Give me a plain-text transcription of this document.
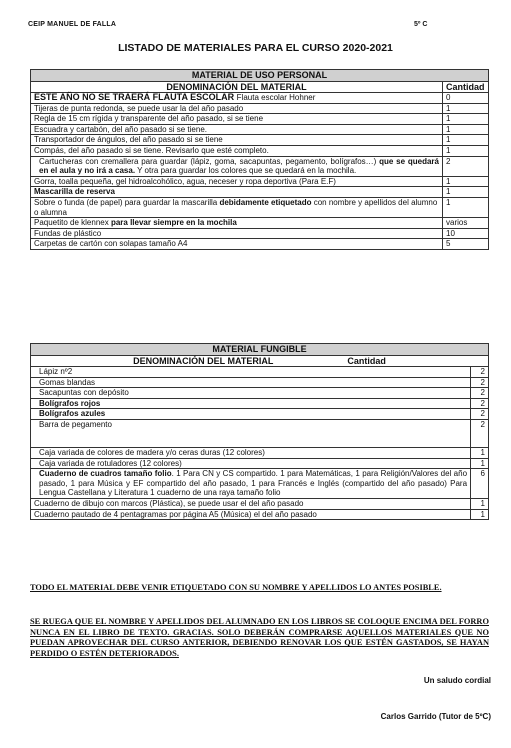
CEIP MANUEL DE FALLA	5º C
LISTADO DE MATERIALES PARA EL CURSO 2020-2021
MATERIAL DE USO PERSONAL	
DENOMINACIÓN DEL MATERIAL	Cantidad
ESTE AÑO NO SE TRAERÁ FLAUTA ESCOLAR Flauta escolar Hohner	0
Tijeras de punta redonda, se puede usar la del año pasado	1
Regla de 15 cm rígida y transparente del año pasado, si se tiene	1
Escuadra y cartabón, del año pasado si se tiene.	1
Transportador de ángulos, del año pasado si se tiene	1
Compás, del año pasado si se tiene. Revisarlo que esté completo.	1
Cartucheras con cremallera para guardar (lápiz, goma, sacapuntas, pegamento, bolígrafos…) que se quedará en el aula y no irá a casa. Y otra para guardar los colores que se quedará en la mochila.	2
Gorra, toalla pequeña, gel hidroalcohólico, agua, neceser y ropa deportiva (Para E.F)	1
Mascarilla de reserva	1
Sobre o funda (de papel) para guardar la mascarilla debidamente etiquetado con nombre y apellidos del alumno o alumna	1
Paquetito de klennex para llevar siempre en la mochila	varios
Fundas de plástico	10
Carpetas de cartón con solapas tamaño A4	5
MATERIAL FUNGIBLE	
DENOMINACIÓN DEL MATERIAL Cantidad	
Lápiz nº2	2
Gomas blandas	2
Sacapuntas con depósito	2
Bolígrafos rojos	2
Bolígrafos azules	2
Barra de pegamento	2
Caja variada de colores de madera y/o ceras duras (12 colores)	1
Caja variada de rotuladores (12 colores)	1
Cuaderno de cuadros tamaño folio. 1 Para CN y CS compartido. 1 para Matemáticas, 1 para Religión/Valores del año pasado, 1 para Música y EF compartido del año pasado, 1 para Francés e Inglés (compartido del año pasado) Para Lengua Castellana y Literatura 1 cuaderno de una raya tamaño folio	6
Cuaderno de dibujo con marcos (Plástica), se puede usar el del año pasado	1
Cuaderno pautado de 4 pentagramas por página A5 (Música) el del año pasado	1
TODO EL MATERIAL DEBE VENIR ETIQUETADO CON SU NOMBRE Y APELLIDOS LO ANTES POSIBLE.
SE RUEGA QUE EL NOMBRE Y APELLIDOS DEL ALUMNADO EN LOS LIBROS SE COLOQUE ENCIMA DEL FORRO NUNCA EN EL LIBRO DE TEXTO. GRACIAS. SOLO DEBERÁN COMPRARSE AQUELLOS MATERIALES QUE NO PUEDAN APROVECHAR DEL CURSO ANTERIOR, DEBIENDO RENOVAR LOS QUE ESTÉN GASTADOS, SE HAYAN PERDIDO O ESTÉN DETERIORADOS.
Un saludo cordial
Carlos Garrido (Tutor de 5ºC)
